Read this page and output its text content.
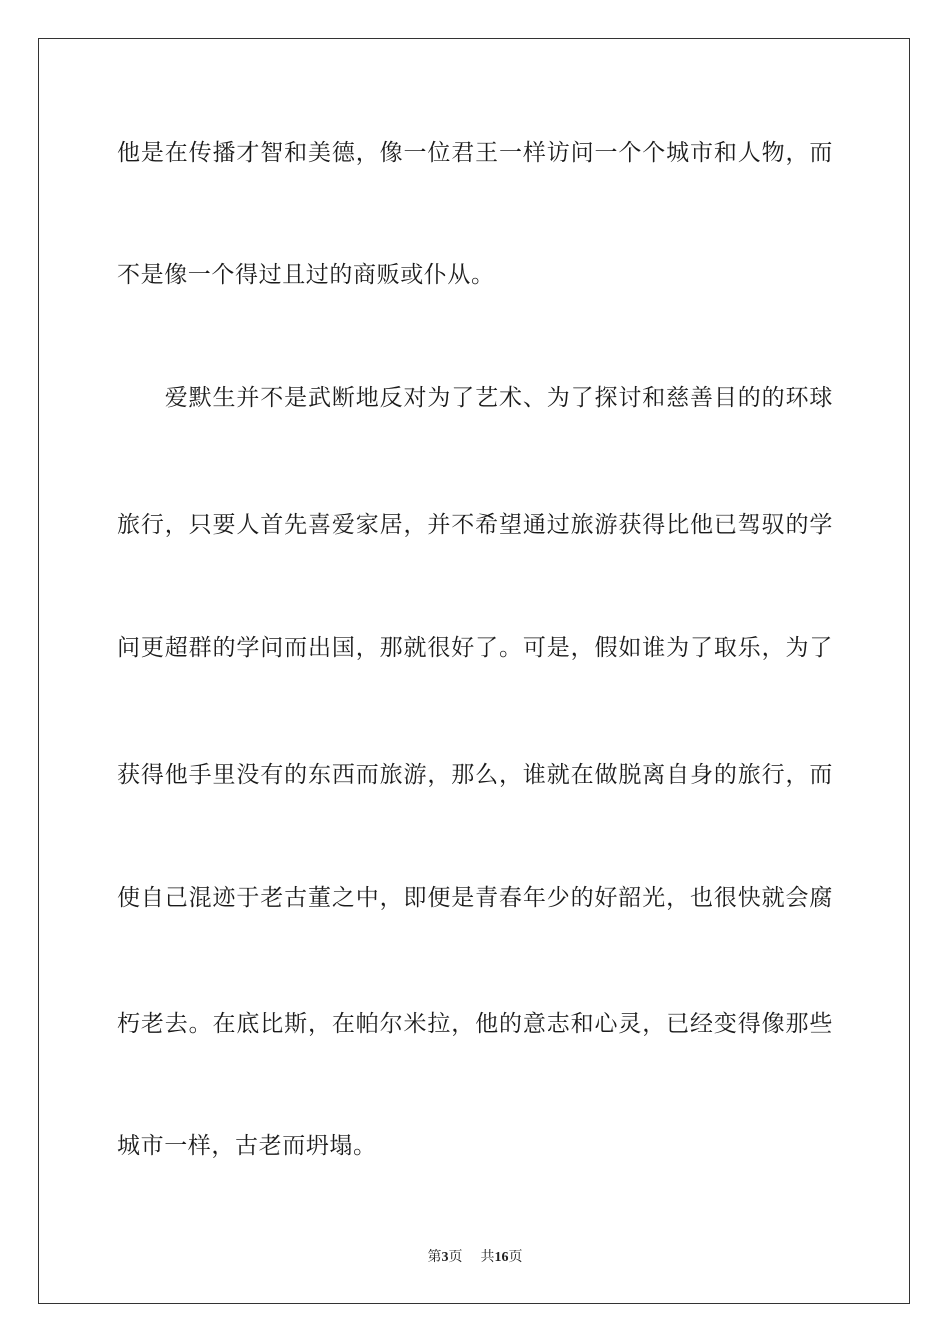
他是在传播才智和美德，像一位君王一样访问一个个城市和人物，而
不是像一个得过且过的商贩或仆从。
　　爱默生并不是武断地反对为了艺术、为了探讨和慈善目的的环球
旅行，只要人首先喜爱家居，并不希望通过旅游获得比他已驾驭的学
问更超群的学问而出国，那就很好了。可是，假如谁为了取乐，为了
获得他手里没有的东西而旅游，那么，谁就在做脱离自身的旅行，而
使自己混迹于老古董之中，即便是青春年少的好韶光，也很快就会腐
朽老去。在底比斯，在帕尔米拉，他的意志和心灵，已经变得像那些
城市一样，古老而坍塌。
第3页 共16页
